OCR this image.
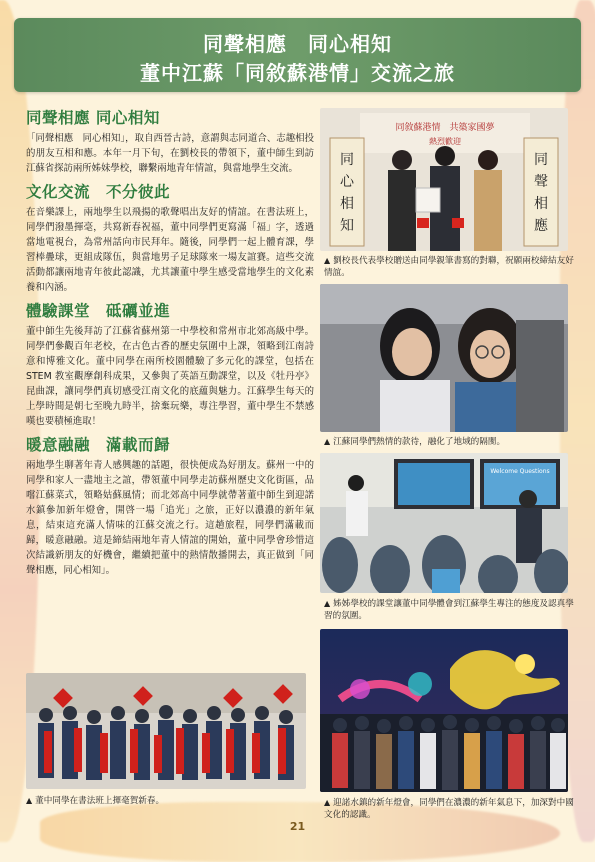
同聲相應　同心相知
董中江蘇「同敘蘇港情」交流之旅
同聲相應 同心相知
「同聲相應　同心相知」，取自西晉古詩，意謂與志同道合、志趣相投的朋友互相和應。本年一月下旬，在劉校長的帶領下，董中師生到訪江蘇省探訪兩所姊妹學校，聯繫兩地青年情誼，與當地學生交流。
文化交流　不分彼此
在音樂課上，兩地學生以飛揚的歌聲唱出友好的情誼。在書法班上，同學們潑墨揮毫，共寫新春祝福，董中同學們更寫滿「福」字，透過當地電視台，為常州話向市民拜年。隨後，同學們一起上體育課，學習棒疊球，更組成隊伍，與當地男子足球隊來一場友誼賽。這些交流活動都讓兩地青年彼此認識，尤其讓董中學生感受當地學生的文化素養和內涵。
體驗課堂　砥礪並進
董中師生先後拜訪了江蘇省蘇州第一中學校和常州市北郊高級中學。同學們參觀百年老校，在古色古香的歷史氛圍中上課，領略到江南詩意和博雅文化。董中同學在兩所校園體驗了多元化的課堂，包括在 STEM 教室觀摩創科成果，又參與了英語互動課堂，以及《牡丹亭》昆曲課，讓同學們真切感受江南文化的底蘊與魅力。江蘇學生每天的上學時間是朝七至晚九時半，捨棄玩樂，專注學習，董中學生不禁感嘆也要積極進取！
暖意融融　滿載而歸
兩地學生聊著年青人感興趣的話題，很快便成為好朋友。蘇州一中的同學和家人一盡地主之誼，帶領董中同學走訪蘇州歷史文化街區，品嚐江蘇菜式，領略姑蘇風情；而北郊高中同學就帶著董中師生到迎諾水鎮參加新年燈會，開啓一場「追光」之旅，正好以濃濃的新年氣息，結束這充滿人情味的江蘇交流之行。這趟旅程，同學們滿載而歸，暖意融融。這是締結兩地年青人情誼的開始，董中同學會珍惜這次結識新朋友的好機會，繼續把董中的熱情散播開去，真正做到「同聲相應，同心相知」。
▲ 董中同學在書法班上揮毫賀新春。
同敘蘇港情　共築家國夢
熱烈歡迎
同
心
相
知
同
聲
相
應
▲ 劉校長代表學校贈送由同學親筆書寫的對聯，祝願兩校締結友好情誼。
▲ 江蘇同學們熱情的款待，融化了地域的隔閡。
Welcome Questions
▲ 姊姊學校的課堂讓董中同學體會到江蘇學生專注的態度及認真學習的氛圍。
▲ 迎諾水鎮的新年燈會，同學們在濃濃的新年氣息下，加深對中國文化的認識。
21
